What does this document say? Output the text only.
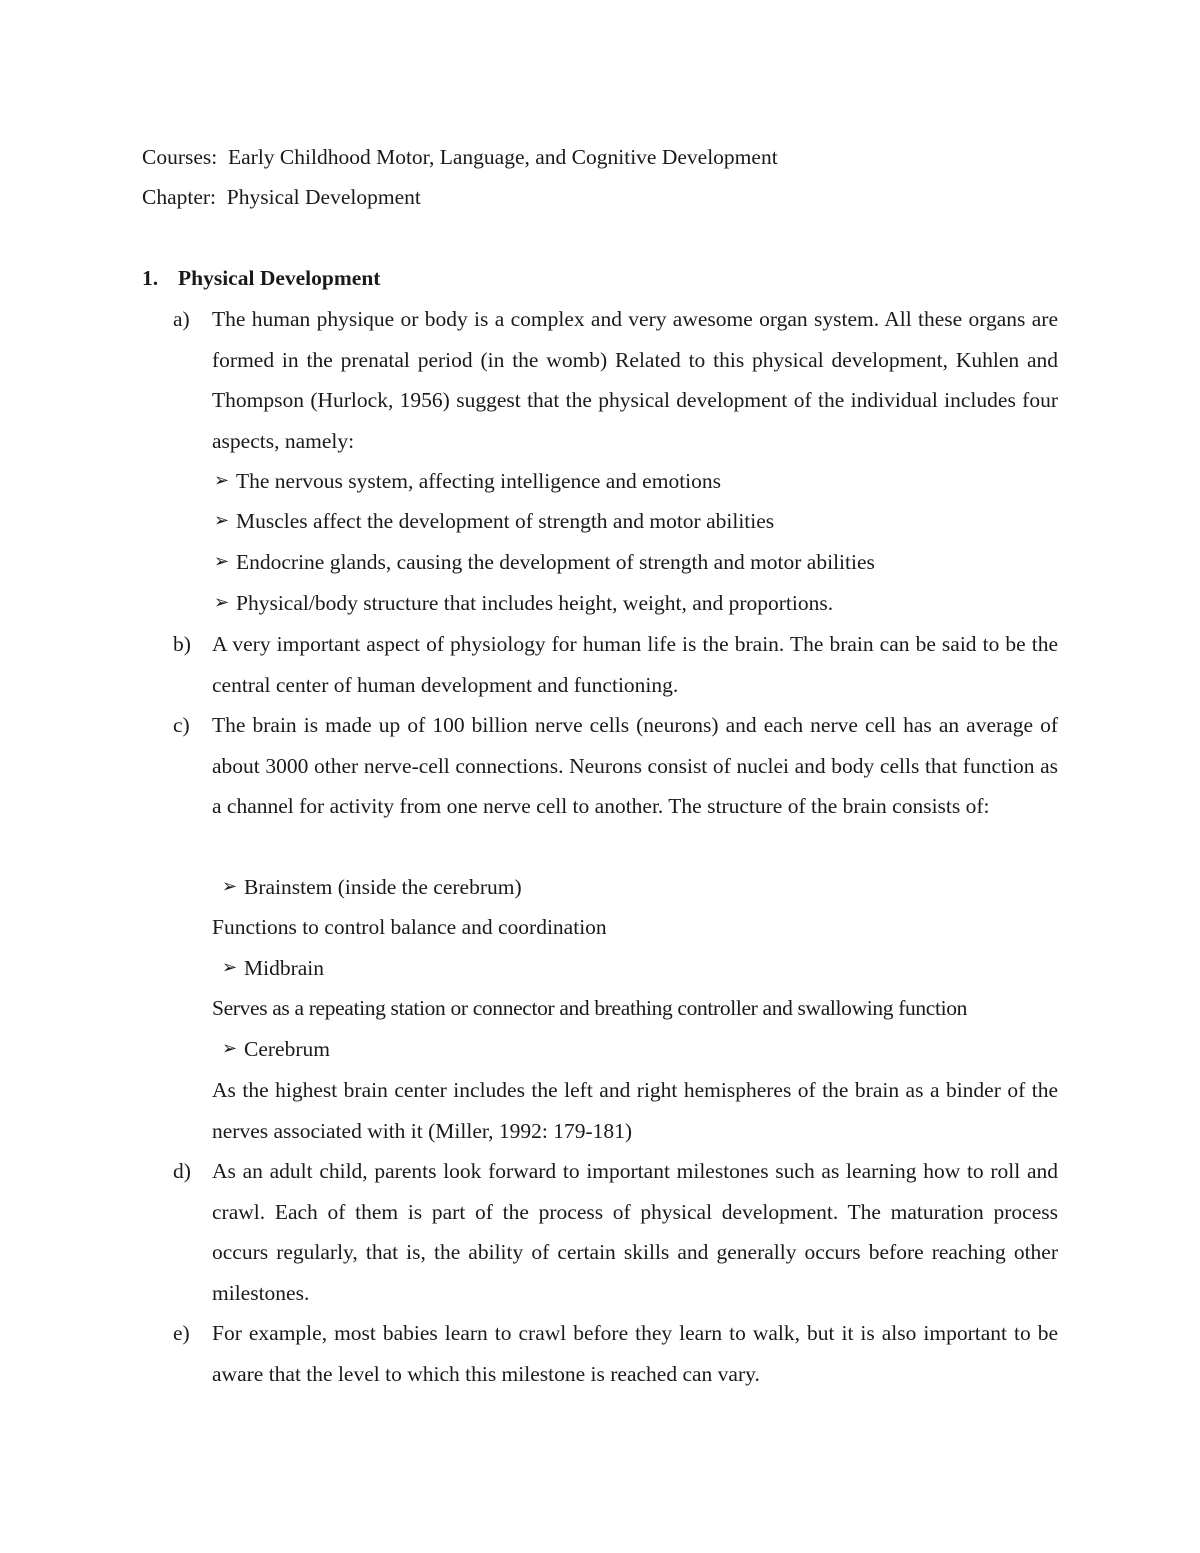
Courses: Early Childhood Motor, Language, and Cognitive Development
Chapter: Physical Development
1. Physical Development
a) The human physique or body is a complex and very awesome organ system. All these organs are formed in the prenatal period (in the womb) Related to this physical development, Kuhlen and Thompson (Hurlock, 1956) suggest that the physical development of the individual includes four aspects, namely:

➢ The nervous system, affecting intelligence and emotions
➢ Muscles affect the development of strength and motor abilities
➢ Endocrine glands, causing the development of strength and motor abilities
➢ Physical/body structure that includes height, weight, and proportions.
b) A very important aspect of physiology for human life is the brain. The brain can be said to be the central center of human development and functioning.

c) The brain is made up of 100 billion nerve cells (neurons) and each nerve cell has an average of about 3000 other nerve-cell connections. Neurons consist of nuclei and body cells that function as a channel for activity from one nerve cell to another. The structure of the brain consists of:

➢ Brainstem (inside the cerebrum)
Functions to control balance and coordination
➢ Midbrain
Serves as a repeating station or connector and breathing controller and swallowing function
➢ Cerebrum

As the highest brain center includes the left and right hemispheres of the brain as a binder of the nerves associated with it (Miller, 1992: 179-181)

d) As an adult child, parents look forward to important milestones such as learning how to roll and crawl. Each of them is part of the process of physical development. The maturation process occurs regularly, that is, the ability of certain skills and generally occurs before reaching other milestones.

e) For example, most babies learn to crawl before they learn to walk, but it is also important to be aware that the level to which this milestone is reached can vary.
